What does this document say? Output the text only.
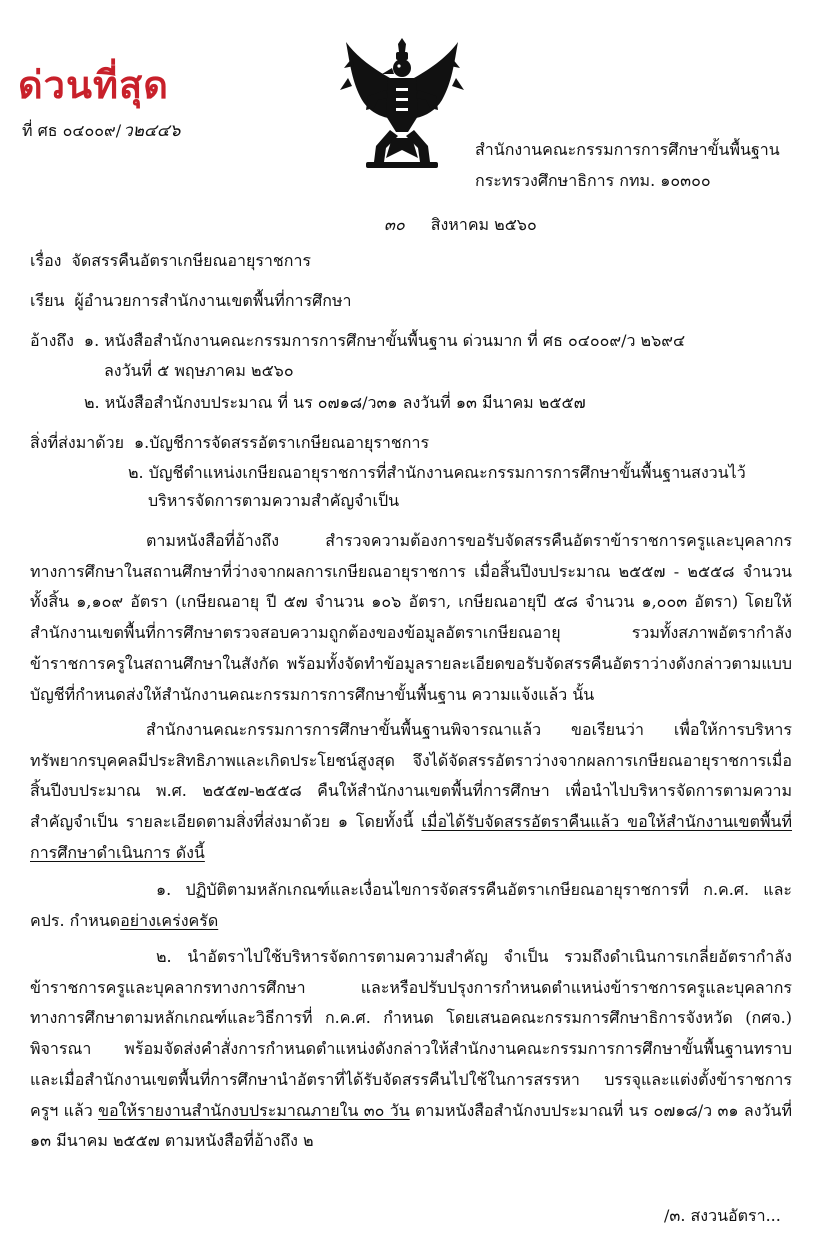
ด่วนที่สุด
ที่ ศธ ๐๔๐๐๙/ ว๒๔๔๖
สำนักงานคณะกรรมการการศึกษาขั้นพื้นฐาน
กระทรวงศึกษาธิการ กทม. ๑๐๓๐๐
๓๐ สิงหาคม ๒๕๖๐
เรื่อง จัดสรรคืนอัตราเกษียณอายุราชการ
เรียน ผู้อำนวยการสำนักงานเขตพื้นที่การศึกษา
อ้างถึง ๑. หนังสือสำนักงานคณะกรรมการการศึกษาขั้นพื้นฐาน ด่วนมาก ที่ ศธ ๐๔๐๐๙/ว ๒๖๙๔
ลงวันที่ ๕ พฤษภาคม ๒๕๖๐
๒. หนังสือสำนักงบประมาณ ที่ นร ๐๗๑๘/ว๓๑ ลงวันที่ ๑๓ มีนาคม ๒๕๕๗
สิ่งที่ส่งมาด้วย ๑.บัญชีการจัดสรรอัตราเกษียณอายุราชการ
๒. บัญชีตำแหน่งเกษียณอายุราชการที่สำนักงานคณะกรรมการการศึกษาขั้นพื้นฐานสงวนไว้
บริหารจัดการตามความสำคัญจำเป็น
ตามหนังสือที่อ้างถึง สำรวจความต้องการขอรับจัดสรรคืนอัตราข้าราชการครูและบุคลากรทางการศึกษาในสถานศึกษาที่ว่างจากผลการเกษียณอายุราชการ เมื่อสิ้นปีงบประมาณ ๒๕๕๗ - ๒๕๕๘ จำนวนทั้งสิ้น ๑,๑๐๙ อัตรา (เกษียณอายุ ปี ๕๗ จำนวน ๑๐๖ อัตรา, เกษียณอายุปี ๕๘ จำนวน ๑,๐๐๓ อัตรา) โดยให้สำนักงานเขตพื้นที่การศึกษาตรวจสอบความถูกต้องของข้อมูลอัตราเกษียณอายุ รวมทั้งสภาพอัตรากำลังข้าราชการครูในสถานศึกษาในสังกัด พร้อมทั้งจัดทำข้อมูลรายละเอียดขอรับจัดสรรคืนอัตราว่างดังกล่าวตามแบบบัญชีที่กำหนดส่งให้สำนักงานคณะกรรมการการศึกษาขั้นพื้นฐาน ความแจ้งแล้ว นั้น
สำนักงานคณะกรรมการการศึกษาขั้นพื้นฐานพิจารณาแล้ว ขอเรียนว่า เพื่อให้การบริหารทรัพยากรบุคคลมีประสิทธิภาพและเกิดประโยชน์สูงสุด จึงได้จัดสรรอัตราว่างจากผลการเกษียณอายุราชการเมื่อสิ้นปีงบประมาณ พ.ศ. ๒๕๕๗-๒๕๕๘ คืนให้สำนักงานเขตพื้นที่การศึกษา เพื่อนำไปบริหารจัดการตามความสำคัญจำเป็น รายละเอียดตามสิ่งที่ส่งมาด้วย ๑ โดยทั้งนี้ เมื่อได้รับจัดสรรอัตราคืนแล้ว ขอให้สำนักงานเขตพื้นที่การศึกษาดำเนินการ ดังนี้
๑. ปฏิบัติตามหลักเกณฑ์และเงื่อนไขการจัดสรรคืนอัตราเกษียณอายุราชการที่ ก.ค.ศ. และ คปร. กำหนดอย่างเคร่งครัด
๒. นำอัตราไปใช้บริหารจัดการตามความสำคัญ จำเป็น รวมถึงดำเนินการเกลี่ยอัตรากำลังข้าราชการครูและบุคลากรทางการศึกษา และหรือปรับปรุงการกำหนดตำแหน่งข้าราชการครูและบุคลากรทางการศึกษาตามหลักเกณฑ์และวิธีการที่ ก.ค.ศ. กำหนด โดยเสนอคณะกรรมการศึกษาธิการจังหวัด (กศจ.) พิจารณา พร้อมจัดส่งคำสั่งการกำหนดตำแหน่งดังกล่าวให้สำนักงานคณะกรรมการการศึกษาขั้นพื้นฐานทราบ และเมื่อสำนักงานเขตพื้นที่การศึกษานำอัตราที่ได้รับจัดสรรคืนไปใช้ในการสรรหา บรรจุและแต่งตั้งข้าราชการครูฯ แล้ว ขอให้รายงานสำนักงบประมาณภายใน ๓๐ วัน ตามหนังสือสำนักงบประมาณที่ นร ๐๗๑๘/ว ๓๑ ลงวันที่ ๑๓ มีนาคม ๒๕๕๗ ตามหนังสือที่อ้างถึง ๒
/๓. สงวนอัตรา...
